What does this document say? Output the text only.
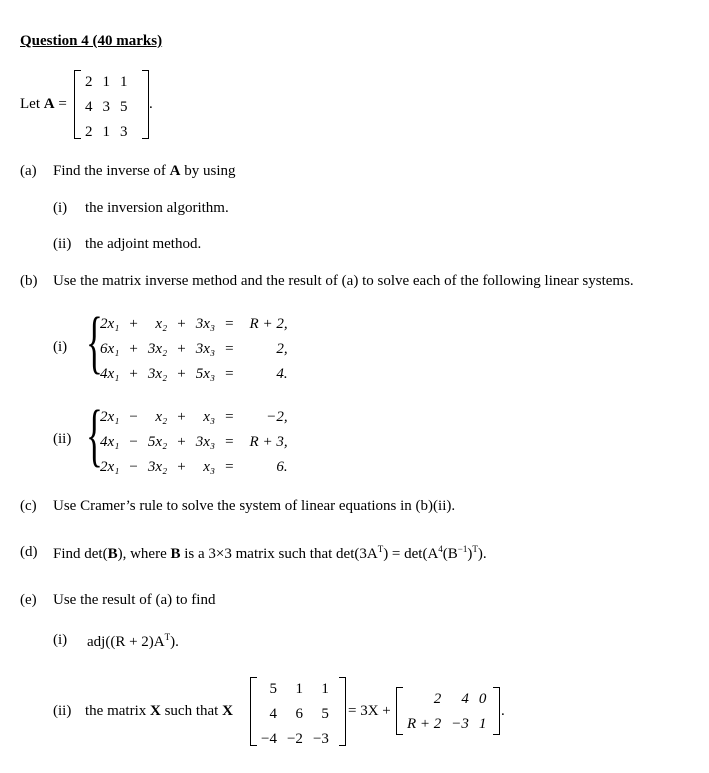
Question 4 (40 marks)
Let A =
2	1	1
4	3	5
2	1	3
.
(a) Find the inverse of A by using
(i) the inversion algorithm.
(ii) the adjoint method.
(b) Use the matrix inverse method and the result of (a) to solve each of the following linear systems.
(i) {
2x₁	+	x₂	+	3x₃	=	R + 2,
6x₁	+	3x₂	+	3x₃	=	2,
4x₁	+	3x₂	+	5x₃	=	4.
(ii) {
2x₁	−	x₂	+	x₃	=	−2,
4x₁	−	5x₂	+	3x₃	=	R + 3,
2x₁	−	3x₂	+	x₃	=	6.
(c) Use Cramer’s rule to solve the system of linear equations in (b)(ii).
(d) Find det(B), where B is a 3×3 matrix such that $\det(3A^T) = \det(A^4(B^{-1})^T)$.
(e) Use the result of (a) to find
(i) $adj((R + 2)A^T)$.
(ii) the matrix X such that X
5	1	1
4	6	5
−4	−2	−3
= 3X +
2	4	0
R + 2	−3	1
.
